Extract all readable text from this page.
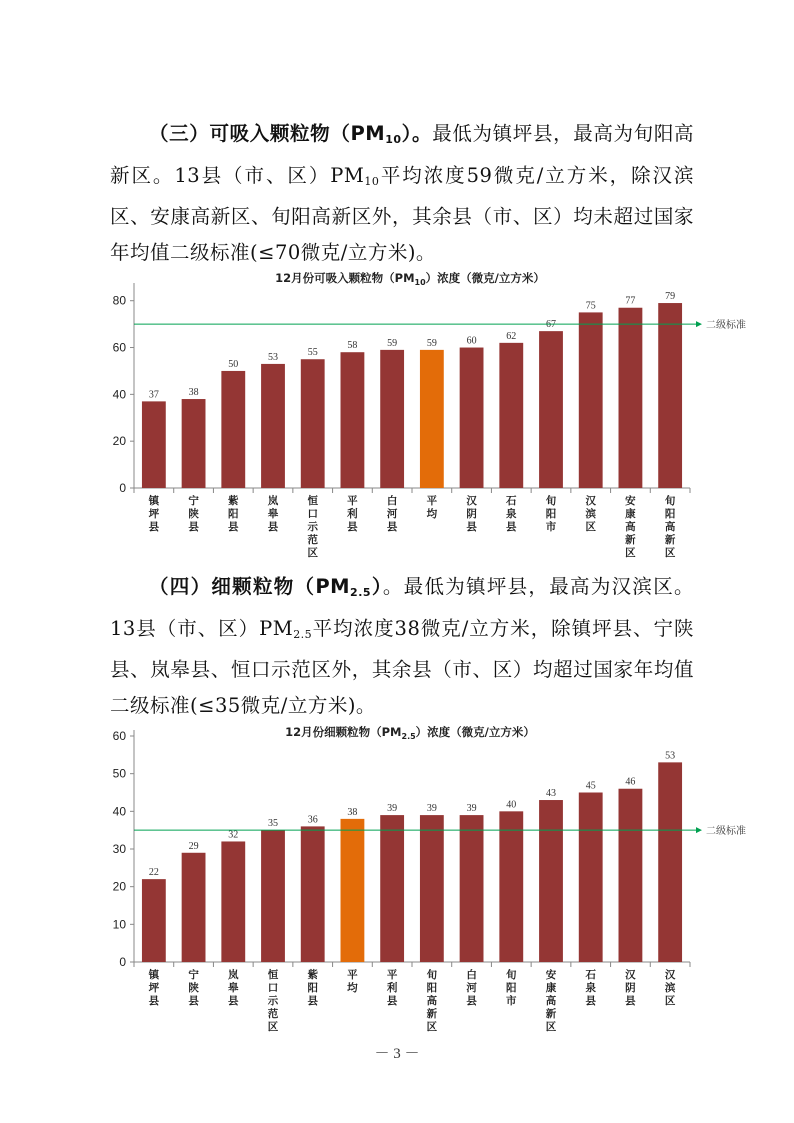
（三）可吸入颗粒物$(PM_{10})$。最低为镇坪县，最高为旬阳高新区。13县（市、区）$PM_{10}$平均浓度59微克/立方米，除汉滨区、安康高新区、旬阳高新区外，其余县（市、区）均未超过国家年均值二级标准(≤70微克/立方米)。

12月份可吸入颗粒物$(PM_{10})$浓度（微克/立方米）
0
20
40
60
80
37
镇坪县
38
宁陕县
50
紫阳县
53
岚皋县
55
恒口示范区
58
平利县
59
白河县
59
平均
60
汉阴县
62
石泉县
67
旬阳市
75
汉滨区
77
安康高新区
79
旬阳高新区
二级标准

（四）细颗粒物$(PM_{2.5})$。最低为镇坪县，最高为汉滨区。13县（市、区）$PM_{2.5}$平均浓度38微克/立方米，除镇坪县、宁陕县、岚皋县、恒口示范区外，其余县（市、区）均超过国家年均值二级标准(≤35微克/立方米)。

12月份细颗粒物$(PM_{2.5})$浓度（微克/立方米）
0
10
20
30
40
50
60
22
镇坪县
29
宁陕县
32
岚皋县
35
恒口示范区
36
紫阳县
38
平均
39
平利县
39
旬阳高新区
39
白河县
40
旬阳市
43
安康高新区
45
石泉县
46
汉阴县
53
汉滨区
二级标准
－ 3 －
